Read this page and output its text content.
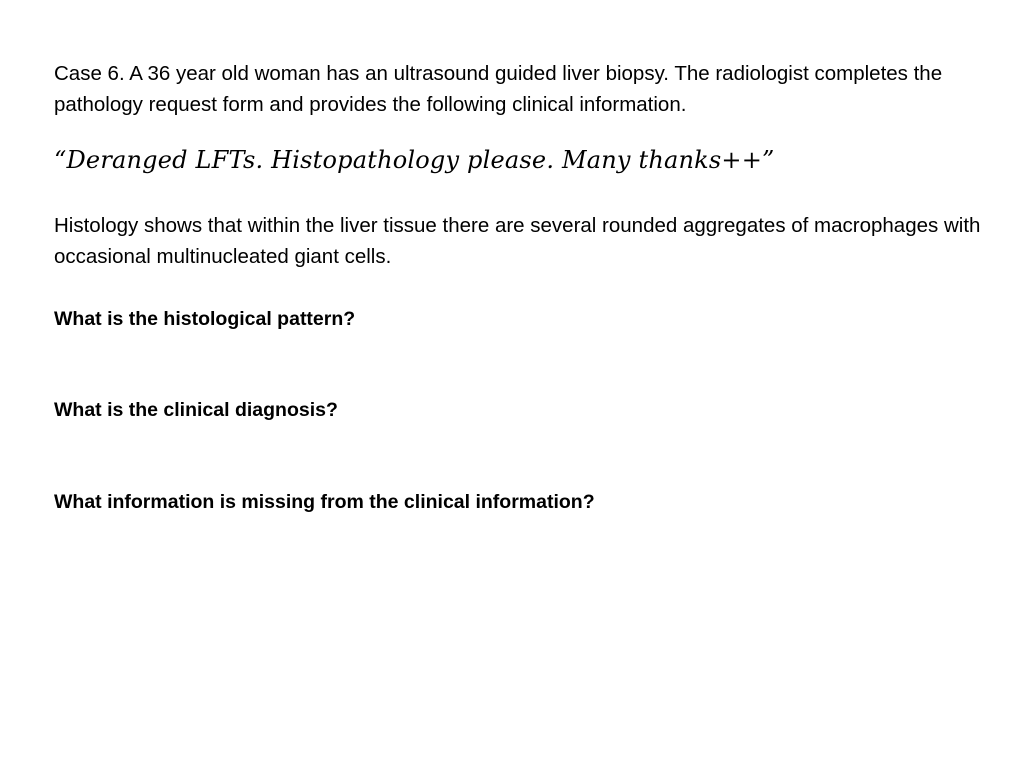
Case 6. A 36 year old woman has an ultrasound guided liver biopsy. The radiologist completes the pathology request form and provides the following clinical information.

“Deranged LFTs. Histopathology please. Many thanks++”

Histology shows that within the liver tissue there are several rounded aggregates of macrophages with occasional multinucleated giant cells.

What is the histological pattern?

What is the clinical diagnosis?

What information is missing from the clinical information?
